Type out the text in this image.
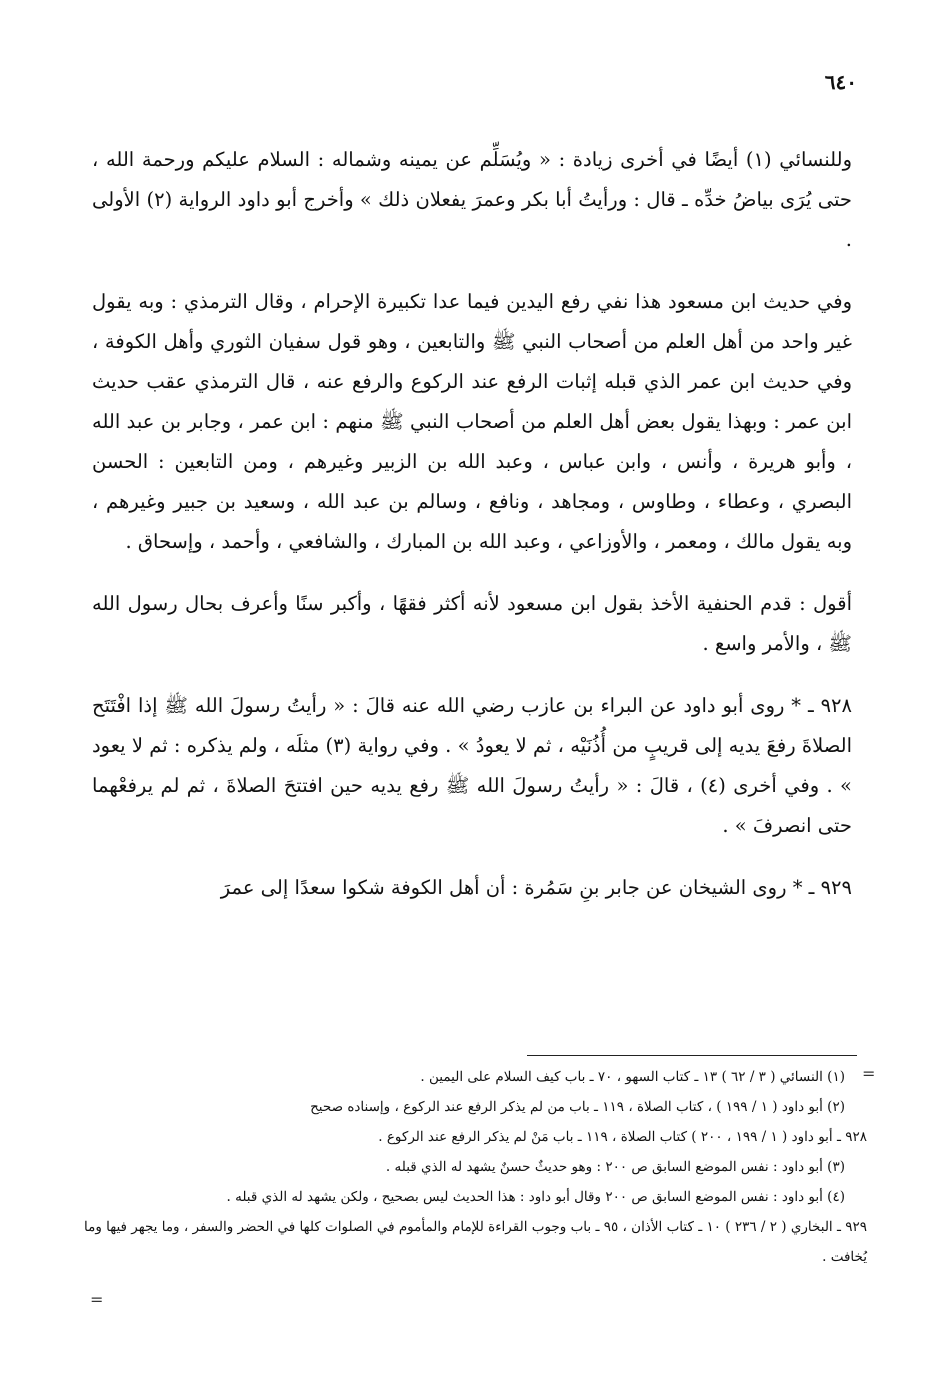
٦٤٠

وللنسائي (١) أيضًا في أخرى زيادة : « ويُسَلِّم عن يمينه وشماله : السلام عليكم ورحمة الله ، حتى يُرَى بياضُ خدِّه ـ قال : ورأيتُ أبا بكر وعمرَ يفعلان ذلك » وأخرج أبو داود الرواية (٢) الأولى .

وفي حديث ابن مسعود هذا نفي رفع اليدين فيما عدا تكبيرة الإحرام ، وقال الترمذي : وبه يقول غير واحد من أهل العلم من أصحاب النبي ﷺ والتابعين ، وهو قول سفيان الثوري وأهل الكوفة ، وفي حديث ابن عمر الذي قبله إثبات الرفع عند الركوع والرفع عنه ، قال الترمذي عقب حديث ابن عمر : وبهذا يقول بعض أهل العلم من أصحاب النبي ﷺ منهم : ابن عمر ، وجابر بن عبد الله ، وأبو هريرة ، وأنس ، وابن عباس ، وعبد الله بن الزبير وغيرهم ، ومن التابعين : الحسن البصري ، وعطاء ، وطاوس ، ومجاهد ، ونافع ، وسالم بن عبد الله ، وسعيد بن جبير وغيرهم ، وبه يقول مالك ، ومعمر ، والأوزاعي ، وعبد الله بن المبارك ، والشافعي ، وأحمد ، وإسحاق .

أقول : قدم الحنفية الأخذ بقول ابن مسعود لأنه أكثر فقهًا ، وأكبر سنًا وأعرف بحال رسول الله ﷺ ، والأمر واسع .

٩٢٨ ـ * روى أبو داود عن البراء بن عازب رضي الله عنه قالَ : « رأيتُ رسولَ الله ﷺ إذا افْتَتَح الصلاةَ رفعَ يديه إلى قريبٍ من أُذُنَيْه ، ثم لا يعودُ » . وفي رواية (٣) مثلَه ، ولم يذكره : ثم لا يعود » . وفي أخرى (٤) ، قالَ : « رأيتُ رسولَ الله ﷺ رفع يديه حين افتتحَ الصلاةَ ، ثم لم يرفعْهما حتى انصرفَ » .

٩٢٩ ـ * روى الشيخان عن جابر بنِ سَمُرة : أن أهل الكوفة شكوا سعدًا إلى عمرَ

(١) النسائي ( ٣ / ٦٢ ) ١٣ ـ كتاب السهو ، ٧٠ ـ باب كيف السلام على اليمين .

(٢) أبو داود ( ١ / ١٩٩ ) ، كتاب الصلاة ، ١١٩ ـ باب من لم يذكر الرفع عند الركوع ، وإسناده صحيح

٩٢٨ ـ أبو داود ( ١ / ١٩٩ ، ٢٠٠ ) كتاب الصلاة ، ١١٩ ـ باب مَنْ لم يذكر الرفع عند الركوع .

(٣) أبو داود : نفس الموضع السابق ص ٢٠٠ : وهو حديثٌ حسنٌ يشهد له الذي قبله .

(٤) أبو داود : نفس الموضع السابق ص ٢٠٠ وقال أبو داود : هذا الحديث ليس بصحيح ، ولكن يشهد له الذي قبله .

٩٢٩ ـ البخاري ( ٢ / ٢٣٦ ) ١٠ ـ كتاب الأذان ، ٩٥ ـ باب وجوب القراءة للإمام والمأموم في الصلوات كلها في الحضر والسفر ، وما يجهر فيها وما يُخافت .

=
=
